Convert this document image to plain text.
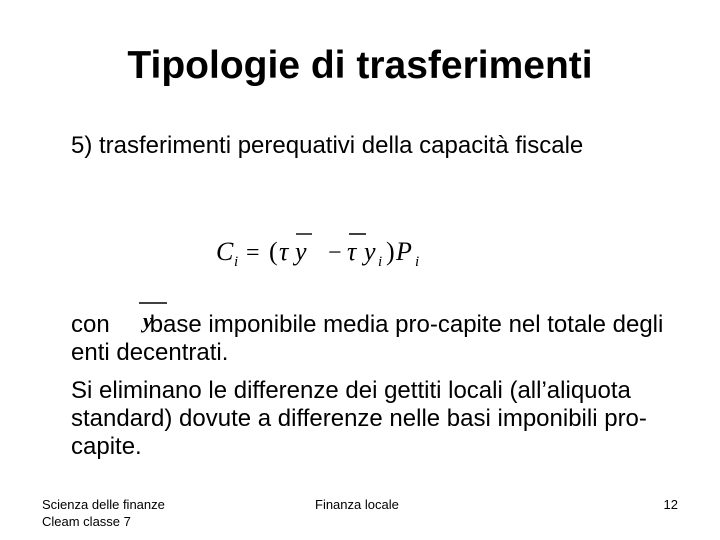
Tipologie di trasferimenti

5) trasferimenti perequativi della capacità fiscale

C i = ( τ y − τ y i ) P i
y

con base imponibile media pro-capite nel totale degli enti decentrati.

Si eliminano le differenze dei gettiti locali (all’aliquota standard) dovute a differenze nelle basi imponibili pro-capite.

Scienza delle finanze
Cleam classe 7
Finanza locale	12
